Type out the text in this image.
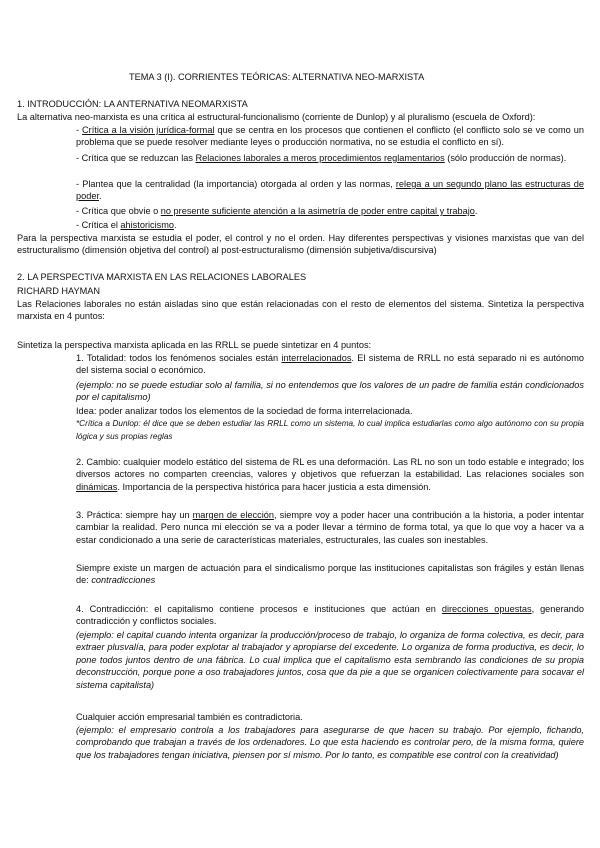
TEMA 3 (I). CORRIENTES TEÓRICAS: ALTERNATIVA NEO-MARXISTA

1. INTRODUCCIÓN: LA ANTERNATIVA NEOMARXISTA

La alternativa neo-marxista es una crítica al estructural-funcionalismo (corriente de Dunlop) y al pluralismo (escuela de Oxford):

- Crítica a la visión jurídica-formal que se centra en los procesos que contienen el conflicto (el conflicto solo se ve como un problema que se puede resolver mediante leyes o producción normativa, no se estudia el conflicto en sí).

- Crítica que se reduzcan las Relaciones laborales a meros procedimientos reglamentarios (sólo producción de normas).

- Plantea que la centralidad (la importancia) otorgada al orden y las normas, relega a un segundo plano las estructuras de poder.

- Crítica que obvie o no presente suficiente atención a la asimetría de poder entre capital y trabajo.

- Crítica el ahistoricismo.

Para la perspectiva marxista se estudia el poder, el control y no el orden. Hay diferentes perspectivas y visiones marxistas que van del estructuralismo (dimensión objetiva del control) al post-estructuralismo (dimensión subjetiva/discursiva)

2. LA PERSPECTIVA MARXISTA EN LAS RELACIONES LABORALES

RICHARD HAYMAN

Las Relaciones laborales no están aisladas sino que están relacionadas con el resto de elementos del sistema. Sintetiza la perspectiva marxista en 4 puntos:

Sintetiza la perspectiva marxista aplicada en las RRLL se puede sintetizar en 4 puntos:

1. Totalidad: todos los fenómenos sociales están interrelacionados. El sistema de RRLL no está separado ni es autónomo del sistema social o económico.

(ejemplo: no se puede estudiar solo al familia, si no entendemos que los valores de un padre de familia están condicionados por el capitalismo)

Idea: poder analizar todos los elementos de la sociedad de forma interrelacionada.

*Crítica a Dunlop: él dice que se deben estudiar las RRLL como un sistema, lo cual implica estudiarlas como algo autónomo con su propia lógica y sus propias reglas

2. Cambio: cualquier modelo estático del sistema de RL es una deformación. Las RL no son un todo estable e integrado; los diversos actores no comparten creencias, valores y objetivos que refuerzan la estabilidad. Las relaciones sociales son dinámicas. Importancia de la perspectiva histórica para hacer justicia a esta dimensión.

3. Práctica: siempre hay un margen de elección, siempre voy a poder hacer una contribución a la historia, a poder intentar cambiar la realidad. Pero nunca mi elección se va a poder llevar a término de forma total, ya que lo que voy a hacer va a estar condicionado a una serie de características materiales, estructurales, las cuales son inestables.

Siempre existe un margen de actuación para el sindicalismo porque las instituciones capitalistas son frágiles y están llenas de: contradicciones

4. Contradicción: el capitalismo contiene procesos e instituciones que actúan en direcciones opuestas, generando contradicción y conflictos sociales.

(ejemplo: el capital cuando intenta organizar la producción/proceso de trabajo, lo organiza de forma colectiva, es decir, para extraer plusvalía, para poder explotar al trabajador y apropiarse del excedente. Lo organiza de forma productiva, es decir, lo pone todos juntos dentro de una fábrica. Lo cual implica que el capitalismo esta sembrando las condiciones de su propia deconstrucción, porque pone a oso trabajadores juntos, cosa que da pie a que se organicen colectivamente para socavar el sistema capitalista)

Cualquier acción empresarial también es contradictoria.

(ejemplo: el empresario controla a los trabajadores para asegurarse de que hacen su trabajo. Por ejemplo, fichando, comprobando que trabajan a través de los ordenadores. Lo que esta haciendo es controlar pero, de la misma forma, quiere que los trabajadores tengan iniciativa, piensen por sí mismo. Por lo tanto, es compatible ese control con la creatividad)
